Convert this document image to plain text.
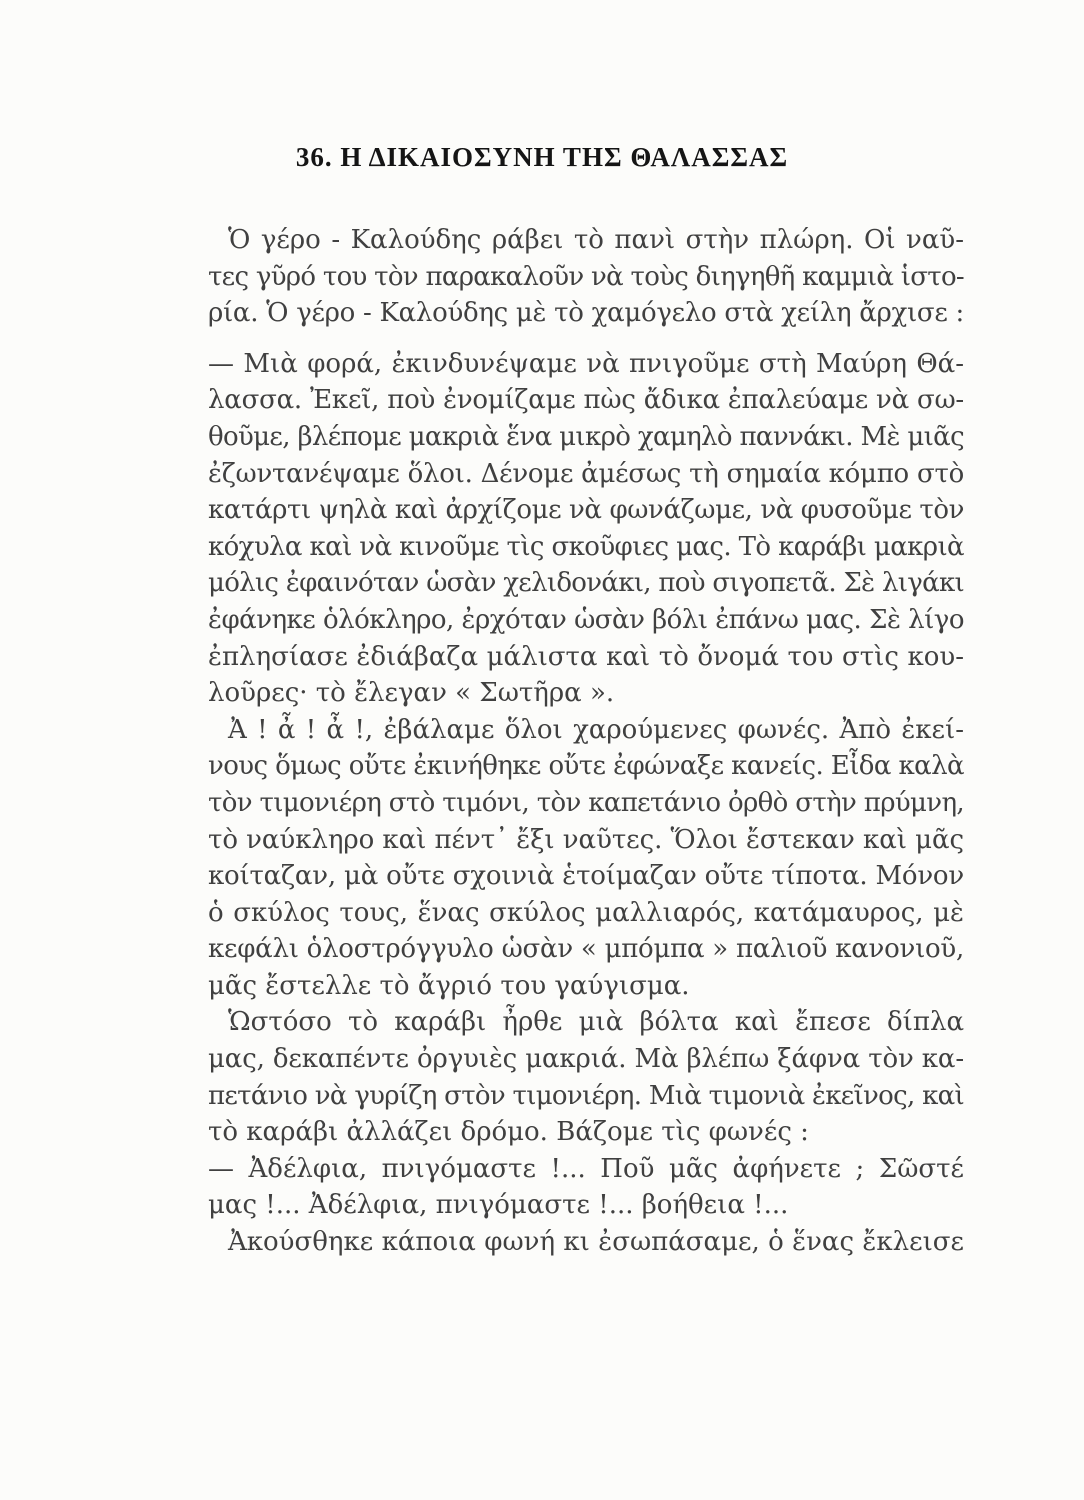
36. Η ΔΙΚΑΙΟΣΥΝΗ ΤΗΣ ΘΑΛΑΣΣΑΣ
Ὁ γέρο - Καλούδης ράβει τὸ πανὶ στὴν πλώρη. Οἱ ναῦ-
τες γῦρό του τὸν παρακαλοῦν νὰ τοὺς διηγηθῆ καμμιὰ ἱστο-
ρία. Ὁ γέρο - Καλούδης μὲ τὸ χαμόγελο στὰ χείλη ἄρχισε :
— Μιὰ φορά, ἐκινδυνέψαμε νὰ πνιγοῦμε στὴ Μαύρη Θά-
λασσα. Ἐκεῖ, ποὺ ἐνομίζαμε πὼς ἄδικα ἐπαλεύαμε νὰ σω-
θοῦμε, βλέπομε μακριὰ ἕνα μικρὸ χαμηλὸ παννάκι. Μὲ μιᾶς
ἐζωντανέψαμε ὅλοι. Δένομε ἀμέσως τὴ σημαία κόμπο στὸ
κατάρτι ψηλὰ καὶ ἀρχίζομε νὰ φωνάζωμε, νὰ φυσοῦμε τὸν
κόχυλα καὶ νὰ κινοῦμε τὶς σκοῦφιες μας. Τὸ καράβι μακριὰ
μόλις ἐφαινόταν ὡσὰν χελιδονάκι, ποὺ σιγοπετᾶ. Σὲ λιγάκι
ἐφάνηκε ὁλόκληρο, ἐρχόταν ὡσὰν βόλι ἐπάνω μας. Σὲ λίγο
ἐπλησίασε ἐδιάβαζα μάλιστα καὶ τὸ ὄνομά του στὶς κου-
λοῦρες· τὸ ἔλεγαν « Σωτῆρα ».
Ἀ ! ἆ ! ἆ !, ἐβάλαμε ὅλοι χαρούμενες φωνές. Ἀπὸ ἐκεί-
νους ὅμως οὔτε ἐκινήθηκε οὔτε ἐφώναξε κανείς. Εἶδα καλὰ
τὸν τιμονιέρη στὸ τιμόνι, τὸν καπετάνιο ὀρθὸ στὴν πρύμνη,
τὸ ναύκληρο καὶ πέντ᾽ ἔξι ναῦτες. Ὅλοι ἔστεκαν καὶ μᾶς
κοίταζαν, μὰ οὔτε σχοινιὰ ἑτοίμαζαν οὔτε τίποτα. Μόνον
ὁ σκύλος τους, ἕνας σκύλος μαλλιαρός, κατάμαυρος, μὲ
κεφάλι ὁλοστρόγγυλο ὡσὰν « μπόμπα » παλιοῦ κανονιοῦ,
μᾶς ἔστελλε τὸ ἄγριό του γαύγισμα.
Ὡστόσο τὸ καράβι ἦρθε μιὰ βόλτα καὶ ἔπεσε δίπλα
μας, δεκαπέντε ὀργυιὲς μακριά. Μὰ βλέπω ξάφνα τὸν κα-
πετάνιο νὰ γυρίζη στὸν τιμονιέρη. Μιὰ τιμονιὰ ἐκεῖνος, καὶ
τὸ καράβι ἀλλάζει δρόμο. Βάζομε τὶς φωνές :
— Ἀδέλφια, πνιγόμαστε !... Ποῦ μᾶς ἀφήνετε ; Σῶστέ
μας !... Ἀδέλφια, πνιγόμαστε !... βοήθεια !...
Ἀκούσθηκε κάποια φωνή κι ἐσωπάσαμε, ὁ ἕνας ἔκλεισε
